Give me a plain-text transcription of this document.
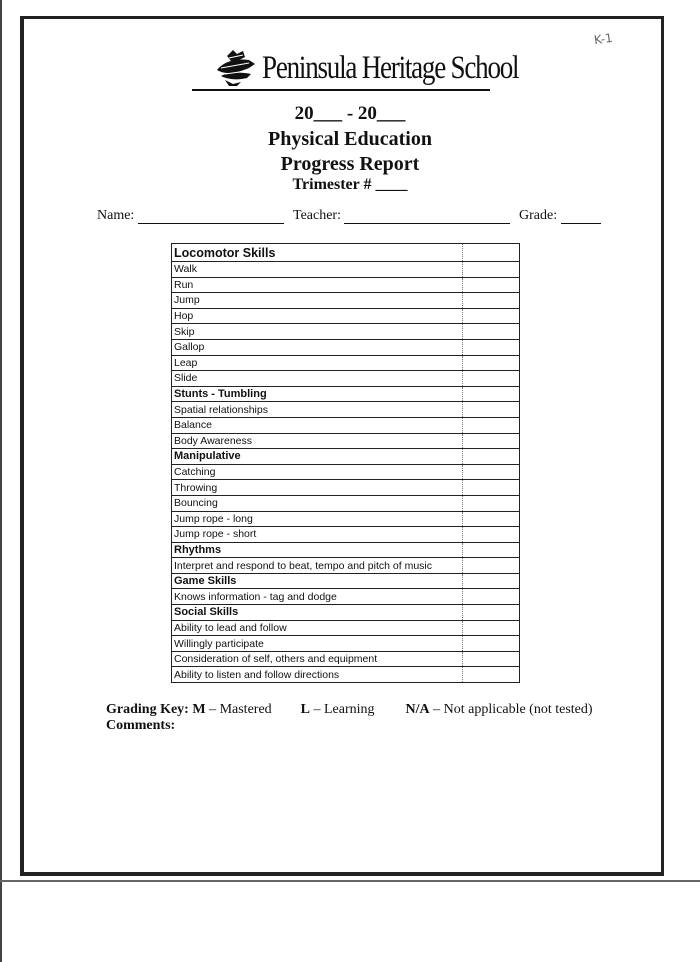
Peninsula Heritage School
K-1
20___ - 20___
Physical Education
Progress Report
Trimester # ____
Name:	Teacher:	Grade:
Locomotor Skills	
Walk	
Run	
Jump	
Hop	
Skip	
Gallop	
Leap	
Slide	
Stunts - Tumbling	
Spatial relationships	
Balance	
Body Awareness	
Manipulative	
Catching	
Throwing	
Bouncing	
Jump rope - long	
Jump rope - short	
Rhythms	
Interpret and respond to beat, tempo and pitch of music	
Game Skills	
Knows information - tag and dodge	
Social Skills	
Ability to lead and follow	
Willingly participate	
Consideration of self, others and equipment	
Ability to listen and follow directions	
Grading Key: M – Mastered L – Learning N/A – Not applicable (not tested)
Comments:
